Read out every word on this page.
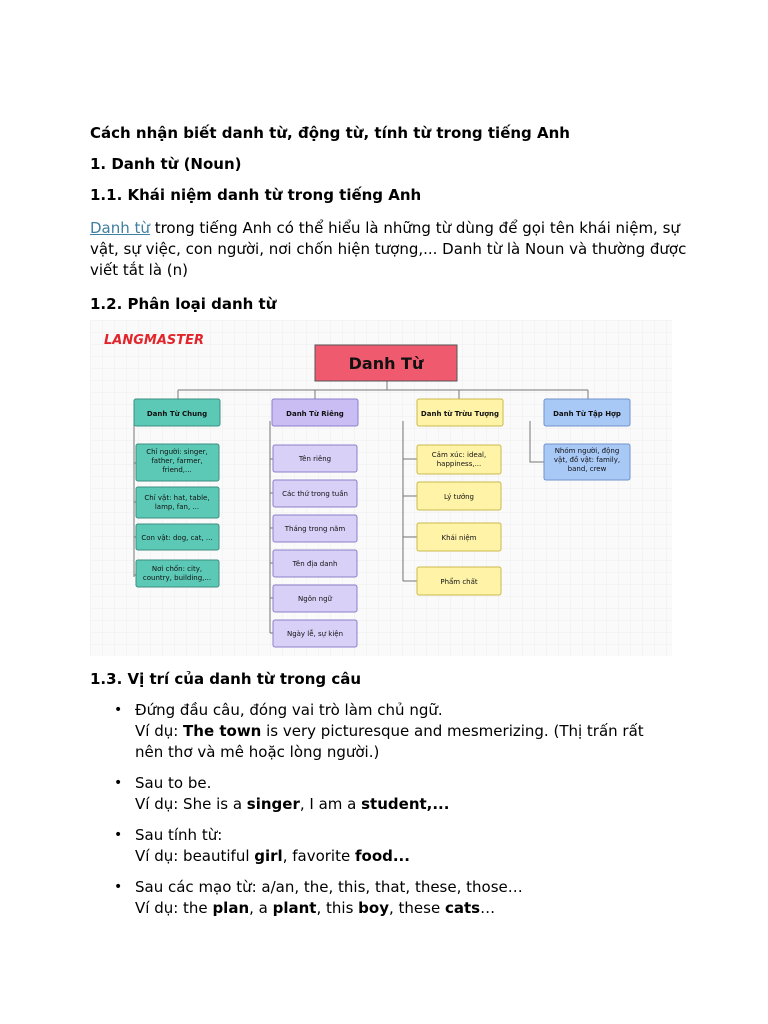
Cách nhận biết danh từ, động từ, tính từ trong tiếng Anh

1. Danh từ (Noun)

1.1. Khái niệm danh từ trong tiếng Anh

Danh từ trong tiếng Anh có thể hiểu là những từ dùng để gọi tên khái niệm, sự vật, sự việc, con người, nơi chốn hiện tượng,... Danh từ là Noun và thường được viết tắt là (n)

1.2. Phân loại danh từ

LANGMASTER
Danh Từ
Danh Từ Chung	Danh Từ Riêng	Danh từ Trừu Tượng	Danh Từ Tập Hợp
Chỉ người: singer, father, farmer, friend,...
Chỉ vật: hat, table, lamp, fan, ...
Con vật: dog, cat, ...
Nơi chốn: city, country, building,...
Tên riêng
Các thứ trong tuần
Tháng trong năm
Tên địa danh
Ngôn ngữ
Ngày lễ, sự kiện
Cảm xúc: ideal, happiness,...
Lý tưởng
Khái niệm
Phẩm chất
Nhóm người, động vật, đồ vật: family, band, crew

1.3. Vị trí của danh từ trong câu

• Đứng đầu câu, đóng vai trò làm chủ ngữ.
Ví dụ: The town is very picturesque and mesmerizing. (Thị trấn rất nên thơ và mê hoặc lòng người.)
• Sau to be.
Ví dụ: She is a singer, I am a student,...
• Sau tính từ:
Ví dụ: beautiful girl, favorite food...
• Sau các mạo từ: a/an, the, this, that, these, those…
Ví dụ: the plan, a plant, this boy, these cats…
